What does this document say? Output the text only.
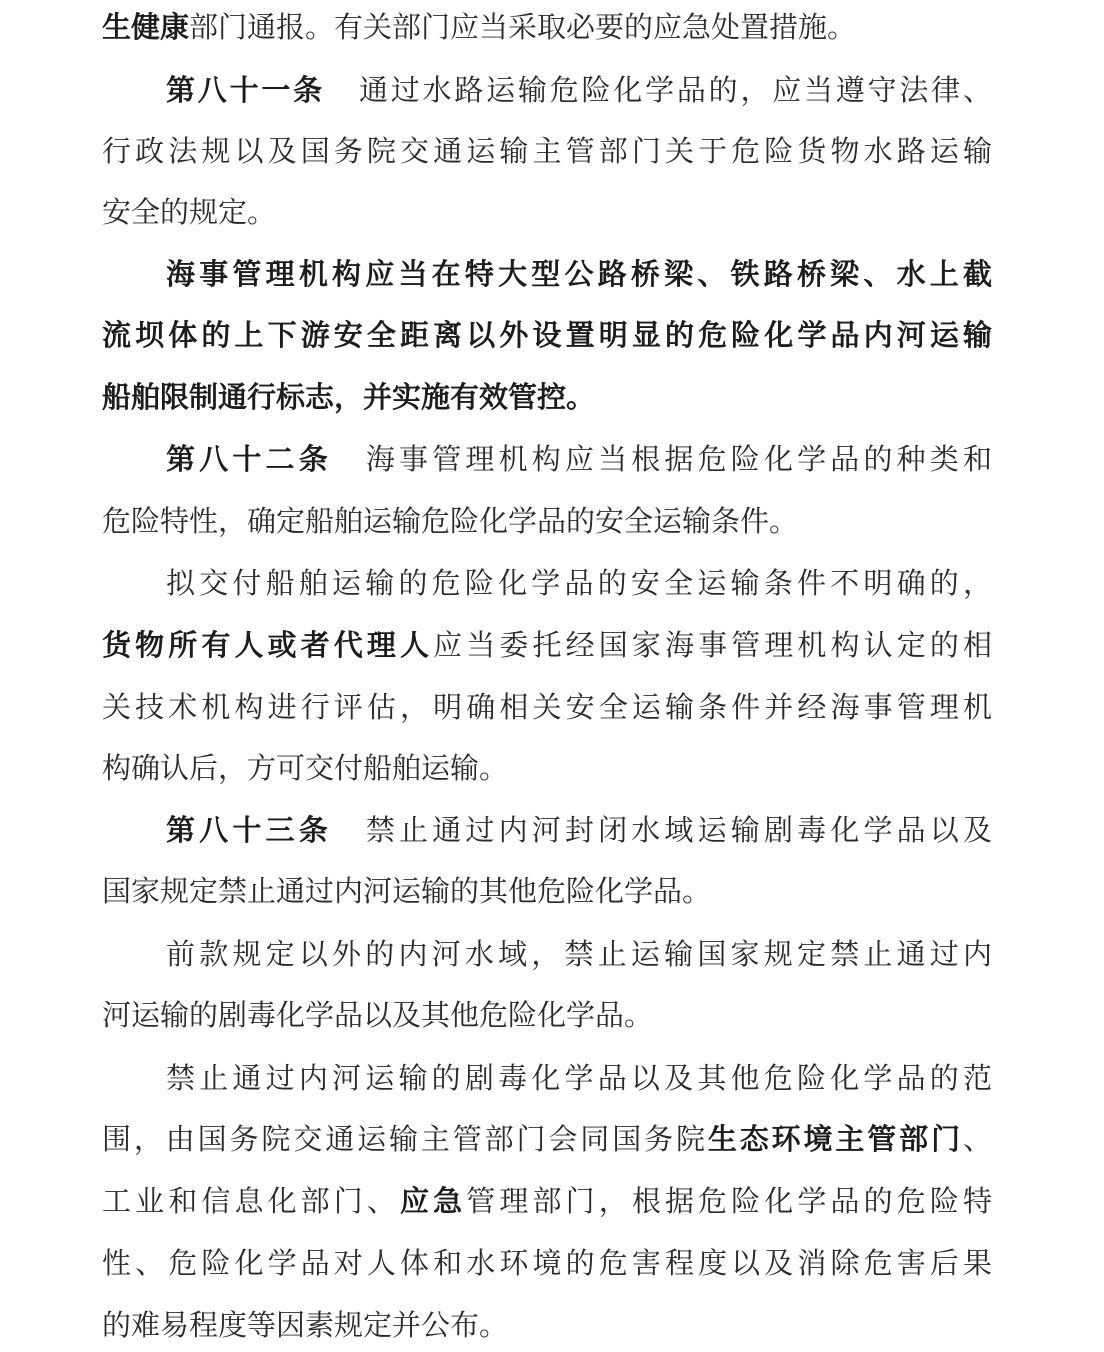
生健康部门通报。有关部门应当采取必要的应急处置措施。
第八十一条 通过水路运输危险化学品的，应当遵守法律、
行政法规以及国务院交通运输主管部门关于危险货物水路运输
安全的规定。
海事管理机构应当在特大型公路桥梁、铁路桥梁、水上截
流坝体的上下游安全距离以外设置明显的危险化学品内河运输
船舶限制通行标志，并实施有效管控。
第八十二条 海事管理机构应当根据危险化学品的种类和
危险特性，确定船舶运输危险化学品的安全运输条件。
拟交付船舶运输的危险化学品的安全运输条件不明确的，
货物所有人或者代理人应当委托经国家海事管理机构认定的相
关技术机构进行评估，明确相关安全运输条件并经海事管理机
构确认后，方可交付船舶运输。
第八十三条 禁止通过内河封闭水域运输剧毒化学品以及
国家规定禁止通过内河运输的其他危险化学品。
前款规定以外的内河水域，禁止运输国家规定禁止通过内
河运输的剧毒化学品以及其他危险化学品。
禁止通过内河运输的剧毒化学品以及其他危险化学品的范
围，由国务院交通运输主管部门会同国务院生态环境主管部门、
工业和信息化部门、应急管理部门，根据危险化学品的危险特
性、危险化学品对人体和水环境的危害程度以及消除危害后果
的难易程度等因素规定并公布。
